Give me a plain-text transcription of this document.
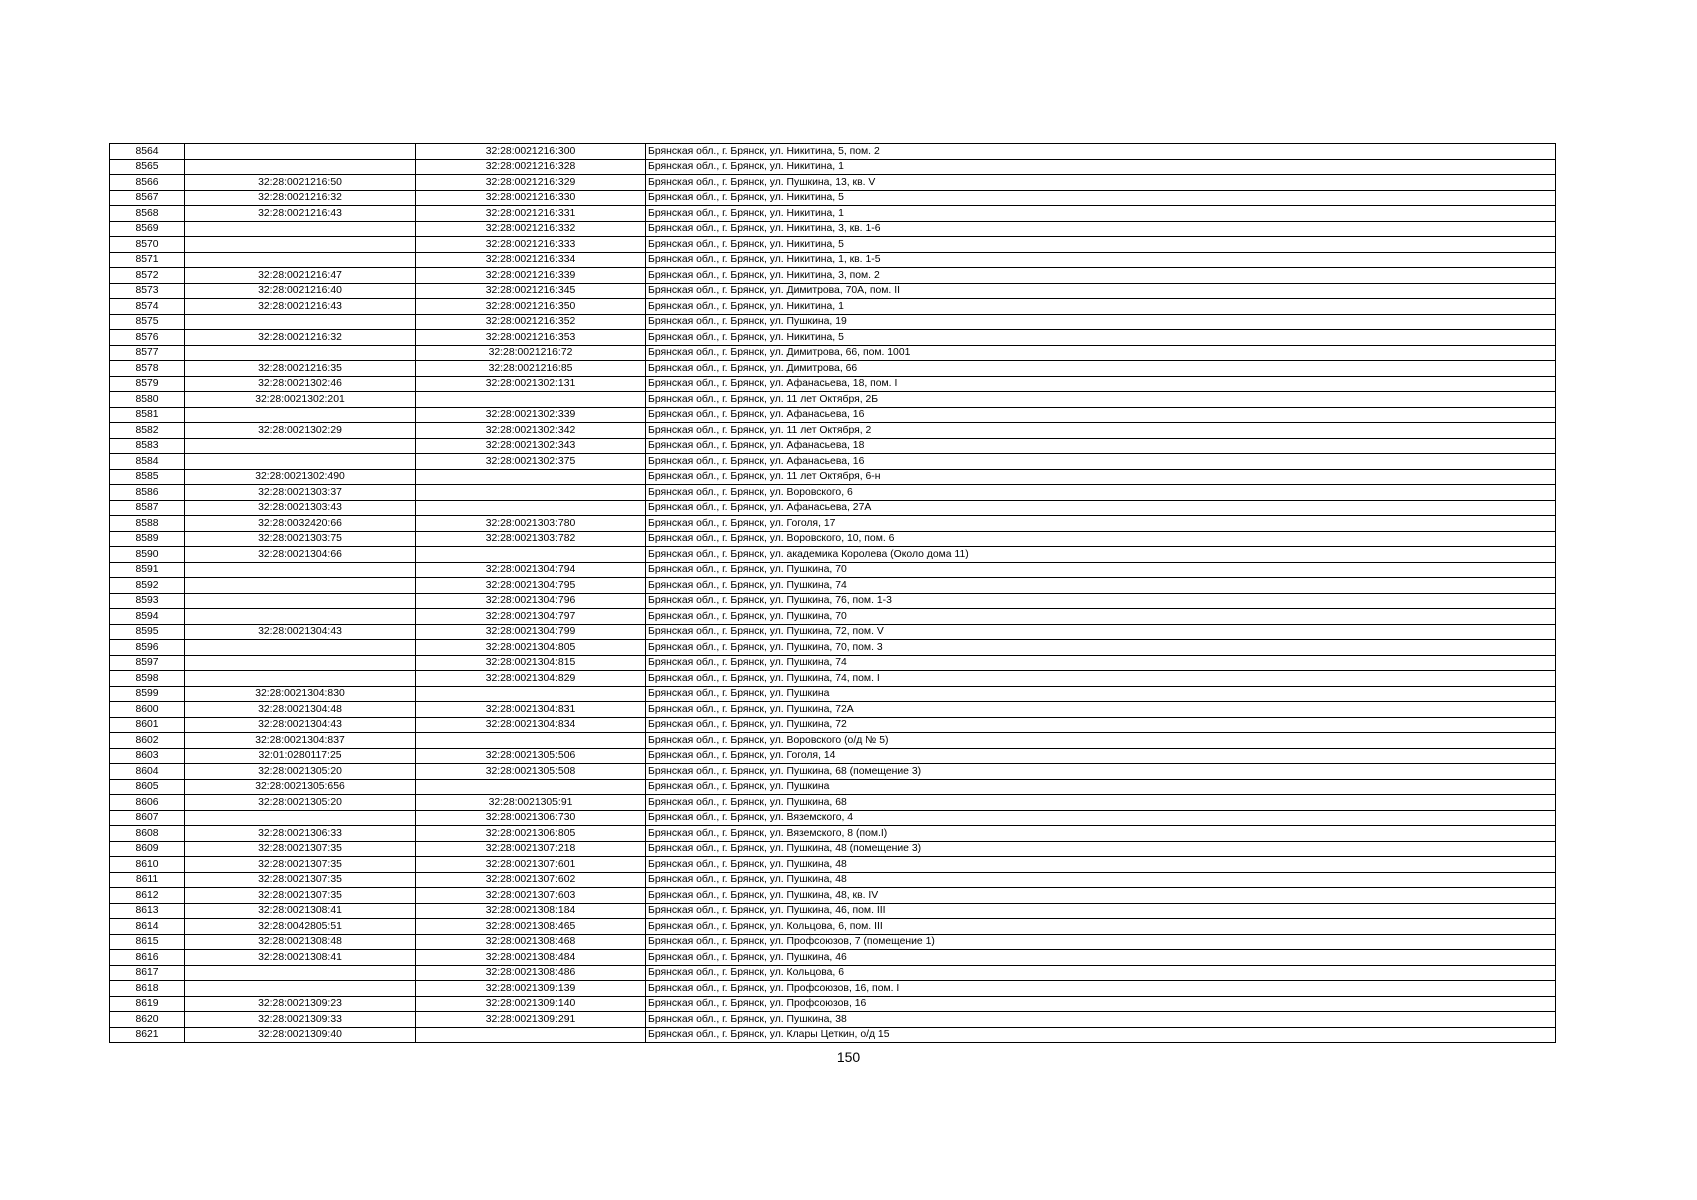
8564		32:28:0021216:300	Брянская обл., г. Брянск, ул. Никитина, 5, пом. 2
8565		32:28:0021216:328	Брянская обл., г. Брянск, ул. Никитина, 1
8566	32:28:0021216:50	32:28:0021216:329	Брянская обл., г. Брянск, ул. Пушкина, 13, кв. V
8567	32:28:0021216:32	32:28:0021216:330	Брянская обл., г. Брянск, ул. Никитина, 5
8568	32:28:0021216:43	32:28:0021216:331	Брянская обл., г. Брянск, ул. Никитина, 1
8569		32:28:0021216:332	Брянская обл., г. Брянск, ул. Никитина, 3, кв. 1-6
8570		32:28:0021216:333	Брянская обл., г. Брянск, ул. Никитина, 5
8571		32:28:0021216:334	Брянская обл., г. Брянск, ул. Никитина, 1, кв. 1-5
8572	32:28:0021216:47	32:28:0021216:339	Брянская обл., г. Брянск, ул. Никитина, 3, пом. 2
8573	32:28:0021216:40	32:28:0021216:345	Брянская обл., г. Брянск, ул. Димитрова, 70А, пом. II
8574	32:28:0021216:43	32:28:0021216:350	Брянская обл., г. Брянск, ул. Никитина, 1
8575		32:28:0021216:352	Брянская обл., г. Брянск, ул. Пушкина, 19
8576	32:28:0021216:32	32:28:0021216:353	Брянская обл., г. Брянск, ул. Никитина, 5
8577		32:28:0021216:72	Брянская обл., г. Брянск, ул. Димитрова, 66, пом. 1001
8578	32:28:0021216:35	32:28:0021216:85	Брянская обл., г. Брянск, ул. Димитрова, 66
8579	32:28:0021302:46	32:28:0021302:131	Брянская обл., г. Брянск, ул. Афанасьева, 18, пом. I
8580	32:28:0021302:201		Брянская обл., г. Брянск, ул. 11 лет Октября, 2Б
8581		32:28:0021302:339	Брянская обл., г. Брянск, ул. Афанасьева, 16
8582	32:28:0021302:29	32:28:0021302:342	Брянская обл., г. Брянск, ул. 11 лет Октября, 2
8583		32:28:0021302:343	Брянская обл., г. Брянск, ул. Афанасьева, 18
8584		32:28:0021302:375	Брянская обл., г. Брянск, ул. Афанасьева, 16
8585	32:28:0021302:490		Брянская обл., г. Брянск, ул. 11 лет Октября, 6-н
8586	32:28:0021303:37		Брянская обл., г. Брянск, ул. Воровского, 6
8587	32:28:0021303:43		Брянская обл., г. Брянск, ул. Афанасьева, 27А
8588	32:28:0032420:66	32:28:0021303:780	Брянская обл., г. Брянск, ул. Гоголя, 17
8589	32:28:0021303:75	32:28:0021303:782	Брянская обл., г. Брянск, ул. Воровского, 10, пом. 6
8590	32:28:0021304:66		Брянская обл., г. Брянск, ул. академика Королева (Около дома 11)
8591		32:28:0021304:794	Брянская обл., г. Брянск, ул. Пушкина, 70
8592		32:28:0021304:795	Брянская обл., г. Брянск, ул. Пушкина, 74
8593		32:28:0021304:796	Брянская обл., г. Брянск, ул. Пушкина, 76, пом. 1-3
8594		32:28:0021304:797	Брянская обл., г. Брянск, ул. Пушкина, 70
8595	32:28:0021304:43	32:28:0021304:799	Брянская обл., г. Брянск, ул. Пушкина, 72, пом. V
8596		32:28:0021304:805	Брянская обл., г. Брянск, ул. Пушкина, 70, пом. 3
8597		32:28:0021304:815	Брянская обл., г. Брянск, ул. Пушкина, 74
8598		32:28:0021304:829	Брянская обл., г. Брянск, ул. Пушкина, 74, пом. I
8599	32:28:0021304:830		Брянская обл., г. Брянск, ул. Пушкина
8600	32:28:0021304:48	32:28:0021304:831	Брянская обл., г. Брянск, ул. Пушкина, 72А
8601	32:28:0021304:43	32:28:0021304:834	Брянская обл., г. Брянск, ул. Пушкина, 72
8602	32:28:0021304:837		Брянская обл., г. Брянск, ул. Воровского (о/д № 5)
8603	32:01:0280117:25	32:28:0021305:506	Брянская обл., г. Брянск, ул. Гоголя, 14
8604	32:28:0021305:20	32:28:0021305:508	Брянская обл., г. Брянск, ул. Пушкина, 68 (помещение 3)
8605	32:28:0021305:656		Брянская обл., г. Брянск, ул. Пушкина
8606	32:28:0021305:20	32:28:0021305:91	Брянская обл., г. Брянск, ул. Пушкина, 68
8607		32:28:0021306:730	Брянская обл., г. Брянск, ул. Вяземского, 4
8608	32:28:0021306:33	32:28:0021306:805	Брянская обл., г. Брянск, ул. Вяземского, 8 (пом.I)
8609	32:28:0021307:35	32:28:0021307:218	Брянская обл., г. Брянск, ул. Пушкина, 48 (помещение 3)
8610	32:28:0021307:35	32:28:0021307:601	Брянская обл., г. Брянск, ул. Пушкина, 48
8611	32:28:0021307:35	32:28:0021307:602	Брянская обл., г. Брянск, ул. Пушкина, 48
8612	32:28:0021307:35	32:28:0021307:603	Брянская обл., г. Брянск, ул. Пушкина, 48, кв. IV
8613	32:28:0021308:41	32:28:0021308:184	Брянская обл., г. Брянск, ул. Пушкина, 46, пом. III
8614	32:28:0042805:51	32:28:0021308:465	Брянская обл., г. Брянск, ул. Кольцова, 6, пом. III
8615	32:28:0021308:48	32:28:0021308:468	Брянская обл., г. Брянск, ул. Профсоюзов, 7 (помещение 1)
8616	32:28:0021308:41	32:28:0021308:484	Брянская обл., г. Брянск, ул. Пушкина, 46
8617		32:28:0021308:486	Брянская обл., г. Брянск, ул. Кольцова, 6
8618		32:28:0021309:139	Брянская обл., г. Брянск, ул. Профсоюзов, 16, пом. I
8619	32:28:0021309:23	32:28:0021309:140	Брянская обл., г. Брянск, ул. Профсоюзов, 16
8620	32:28:0021309:33	32:28:0021309:291	Брянская обл., г. Брянск, ул. Пушкина, 38
8621	32:28:0021309:40		Брянская обл., г. Брянск, ул. Клары Цеткин, о/д 15
150
